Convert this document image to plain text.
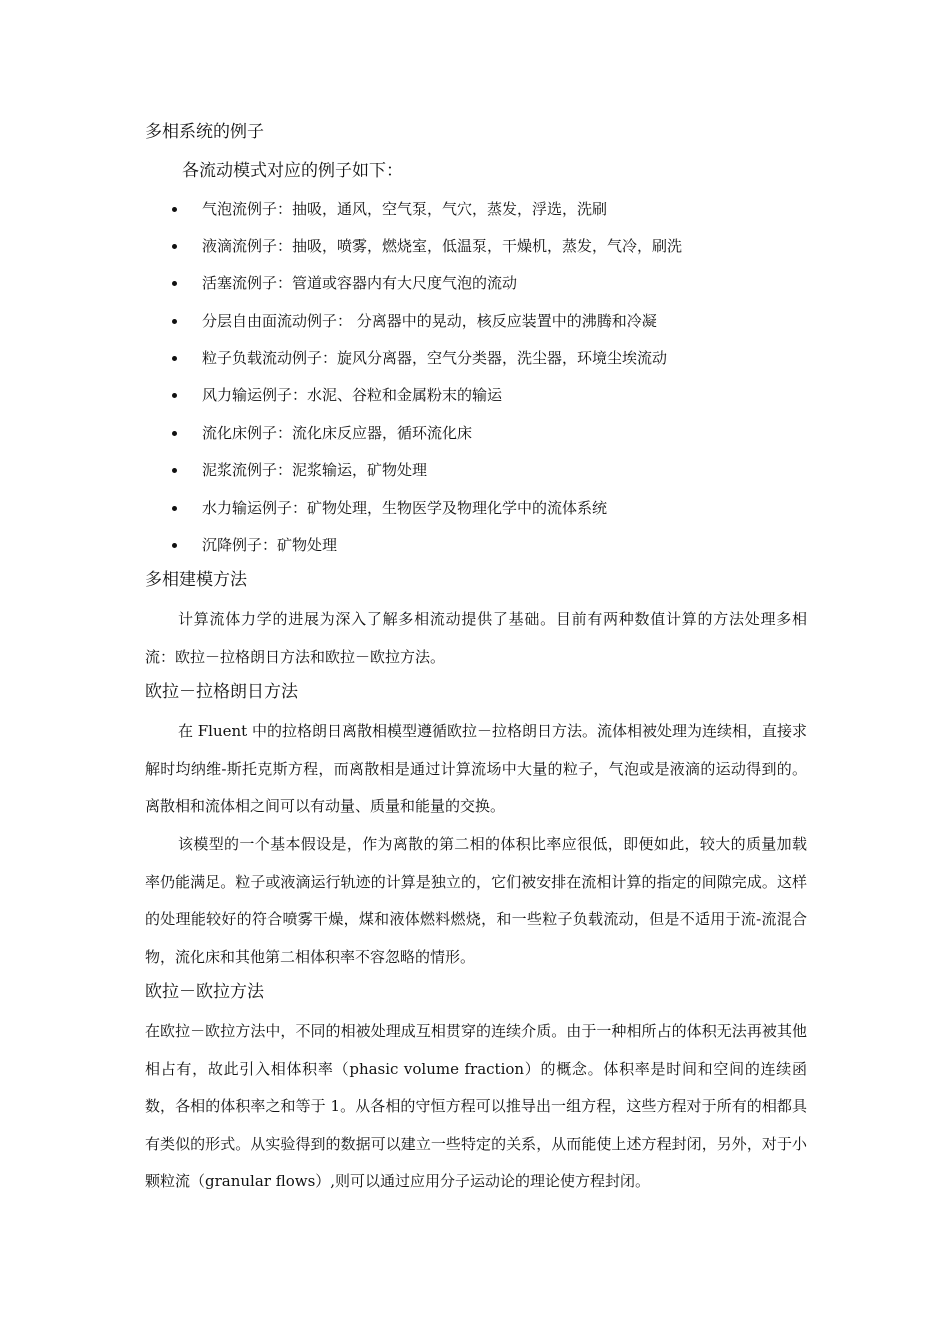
多相系统的例子
各流动模式对应的例子如下：
气泡流例子：抽吸，通风，空气泵，气穴，蒸发，浮选，洗刷
液滴流例子：抽吸，喷雾，燃烧室，低温泵，干燥机，蒸发，气冷，刷洗
活塞流例子：管道或容器内有大尺度气泡的流动
分层自由面流动例子： 分离器中的晃动，核反应装置中的沸腾和冷凝
粒子负载流动例子：旋风分离器，空气分类器，洗尘器，环境尘埃流动
风力输运例子：水泥、谷粒和金属粉末的输运
流化床例子：流化床反应器，循环流化床
泥浆流例子：泥浆输运，矿物处理
水力输运例子：矿物处理，生物医学及物理化学中的流体系统
沉降例子：矿物处理
多相建模方法

计算流体力学的进展为深入了解多相流动提供了基础。目前有两种数值计算的方法处理多相流：欧拉－拉格朗日方法和欧拉－欧拉方法。

欧拉－拉格朗日方法

在 Fluent 中的拉格朗日离散相模型遵循欧拉－拉格朗日方法。流体相被处理为连续相，直接求解时均纳维-斯托克斯方程，而离散相是通过计算流场中大量的粒子，气泡或是液滴的运动得到的。离散相和流体相之间可以有动量、质量和能量的交换。

该模型的一个基本假设是，作为离散的第二相的体积比率应很低，即便如此，较大的质量加载率仍能满足。粒子或液滴运行轨迹的计算是独立的，它们被安排在流相计算的指定的间隙完成。这样的处理能较好的符合喷雾干燥，煤和液体燃料燃烧，和一些粒子负载流动，但是不适用于流-流混合物，流化床和其他第二相体积率不容忽略的情形。

欧拉－欧拉方法

在欧拉－欧拉方法中，不同的相被处理成互相贯穿的连续介质。由于一种相所占的体积无法再被其他相占有，故此引入相体积率（phasic volume fraction）的概念。体积率是时间和空间的连续函数，各相的体积率之和等于 1。从各相的守恒方程可以推导出一组方程，这些方程对于所有的相都具有类似的形式。从实验得到的数据可以建立一些特定的关系，从而能使上述方程封闭，另外，对于小颗粒流（granular flows）,则可以通过应用分子运动论的理论使方程封闭。
